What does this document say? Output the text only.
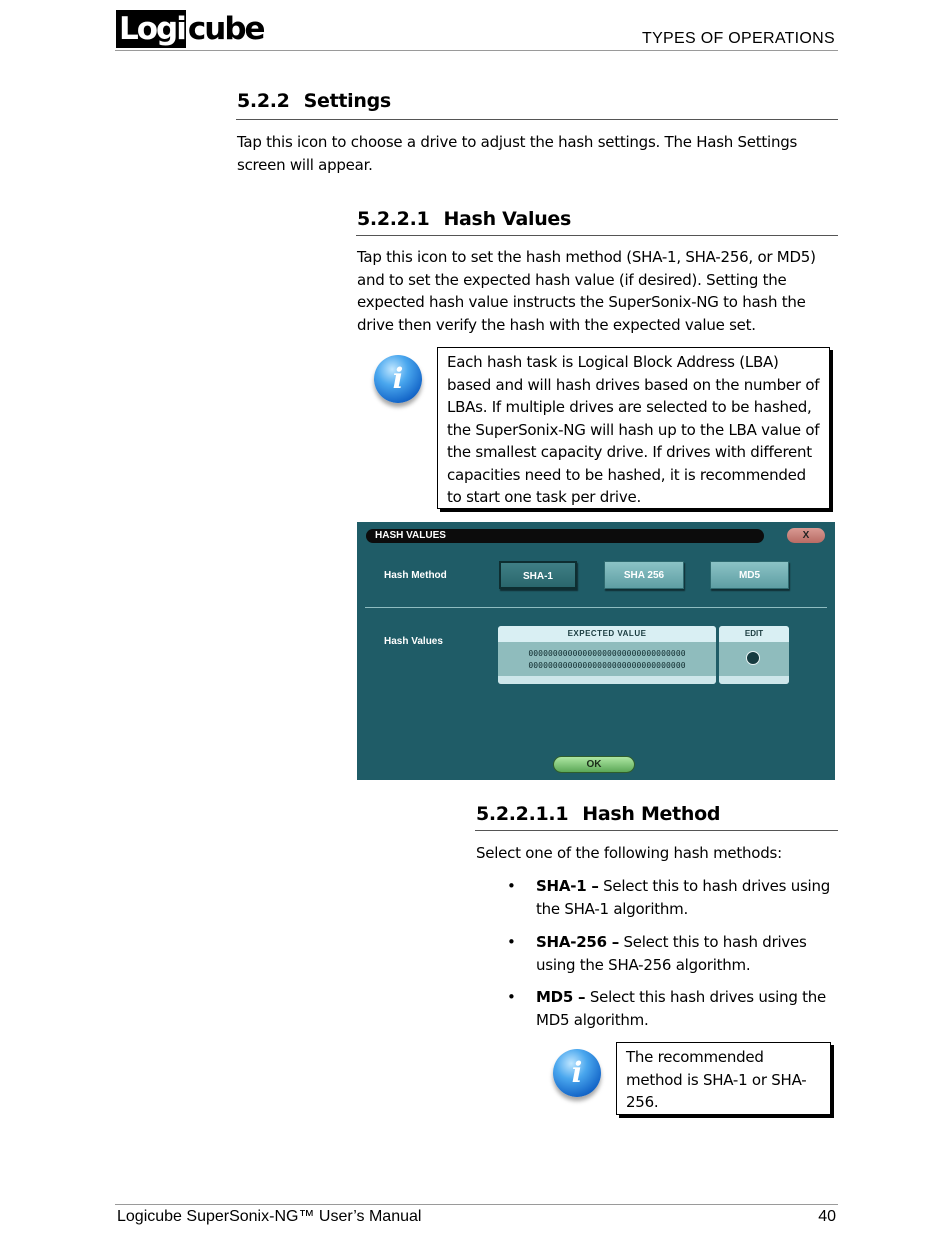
Logi cube	TYPES OF OPERATIONS
5.2.2 Settings
Tap this icon to choose a drive to adjust the hash settings. The Hash Settings screen will appear.
5.2.2.1 Hash Values
Tap this icon to set the hash method (SHA-1, SHA-256, or MD5) and to set the expected hash value (if desired). Setting the expected hash value instructs the SuperSonix-NG to hash the drive then verify the hash with the expected value set.
i	Each hash task is Logical Block Address (LBA) based and will hash drives based on the number of LBAs. If multiple drives are selected to be hashed, the SuperSonix-NG will hash up to the LBA value of the smallest capacity drive. If drives with different capacities need to be hashed, it is recommended to start one task per drive.
HASH VALUES	X
Hash Method	SHA-1	SHA 256	MD5
Hash Values
EXPECTED VALUE
00000000000000000000000000000000
00000000000000000000000000000000
EDIT
OK
5.2.2.1.1 Hash Method
Select one of the following hash methods:
• SHA-1 – Select this to hash drives using the SHA-1 algorithm.
• SHA-256 – Select this to hash drives using the SHA-256 algorithm.
• MD5 – Select this hash drives using the MD5 algorithm.
i	The recommended method is SHA-1 or SHA-256.
Logicube SuperSonix-NG™ User’s Manual	40
